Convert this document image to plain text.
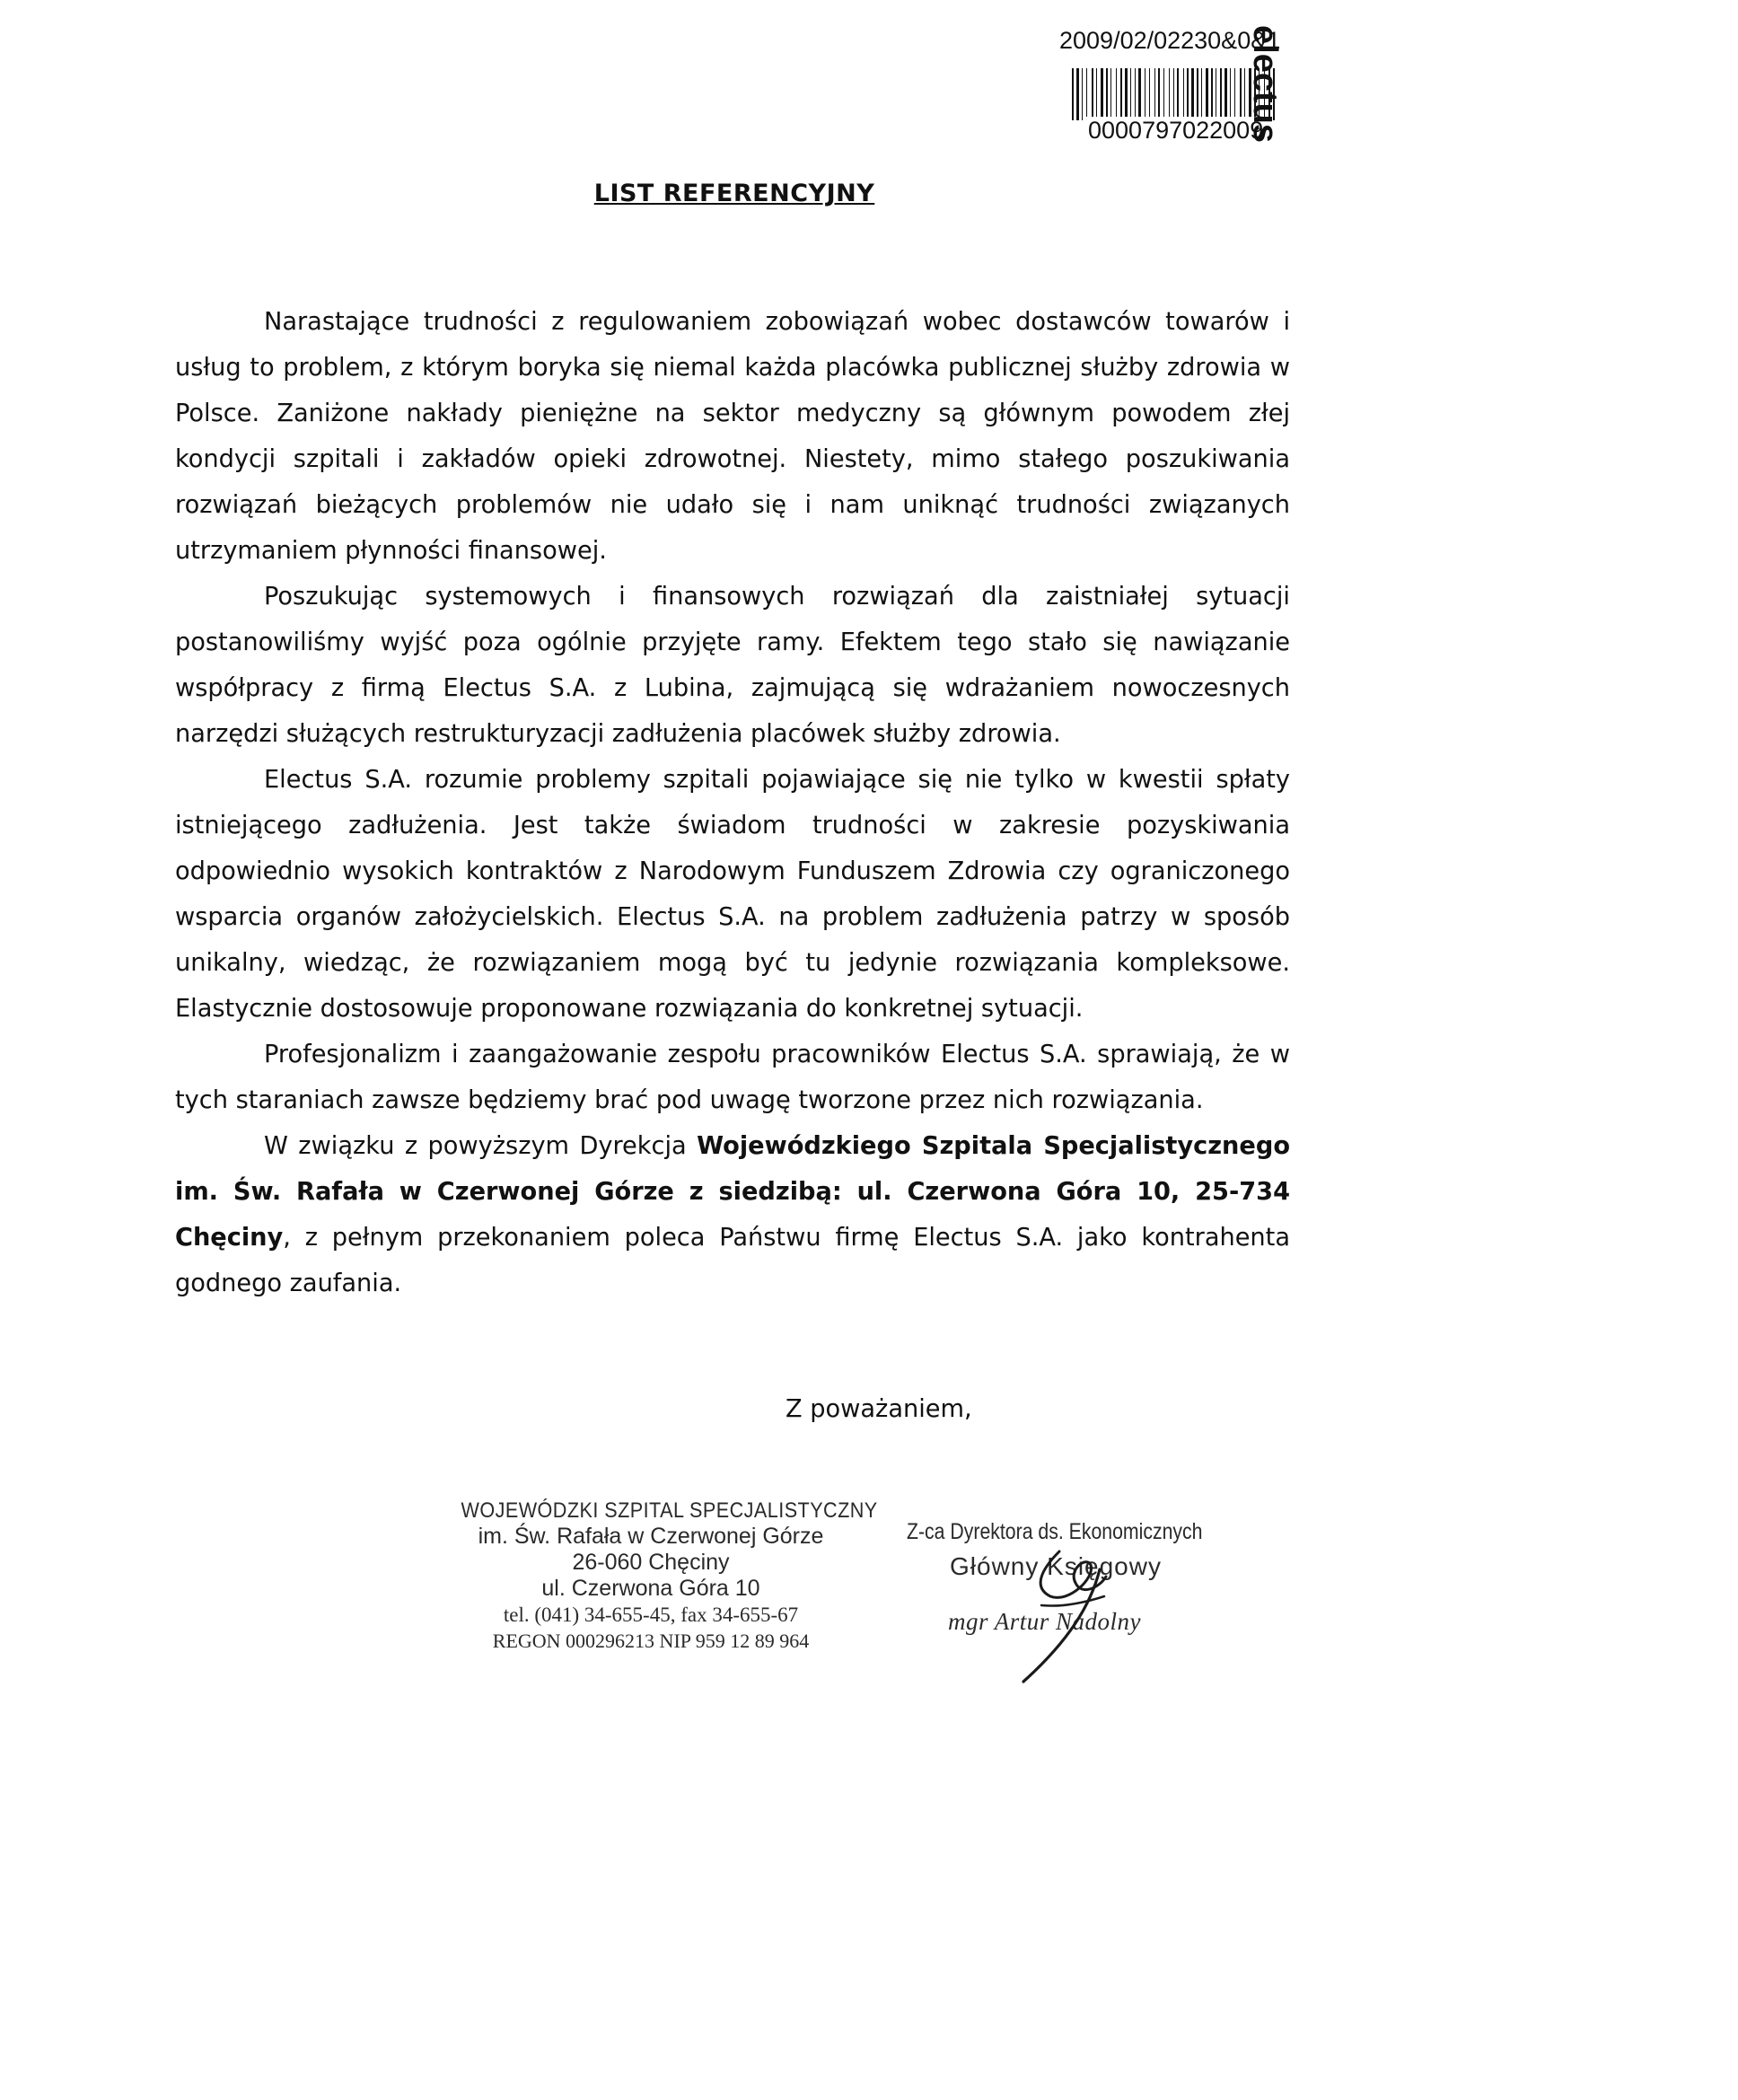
2009/02/02230&0&1
0000797022009
electus
LIST REFERENCYJNY

Narastające trudności z regulowaniem zobowiązań wobec dostawców towarów i usług to problem, z którym boryka się niemal każda placówka publicznej służby zdrowia w Polsce. Zaniżone nakłady pieniężne na sektor medyczny są głównym powodem złej kondycji szpitali i zakładów opieki zdrowotnej. Niestety, mimo stałego poszukiwania rozwiązań bieżących problemów nie udało się i nam uniknąć trudności związanych utrzymaniem płynności finansowej.

Poszukując systemowych i finansowych rozwiązań dla zaistniałej sytuacji postanowiliśmy wyjść poza ogólnie przyjęte ramy. Efektem tego stało się nawiązanie współpracy z firmą Electus S.A. z Lubina, zajmującą się wdrażaniem nowoczesnych narzędzi służących restrukturyzacji zadłużenia placówek służby zdrowia.

Electus S.A. rozumie problemy szpitali pojawiające się nie tylko w kwestii spłaty istniejącego zadłużenia. Jest także świadom trudności w zakresie pozyskiwania odpowiednio wysokich kontraktów z Narodowym Funduszem Zdrowia czy ograniczonego wsparcia organów założycielskich. Electus S.A. na problem zadłużenia patrzy w sposób unikalny, wiedząc, że rozwiązaniem mogą być tu jedynie rozwiązania kompleksowe. Elastycznie dostosowuje proponowane rozwiązania do konkretnej sytuacji.

Profesjonalizm i zaangażowanie zespołu pracowników Electus S.A. sprawiają, że w tych staraniach zawsze będziemy brać pod uwagę tworzone przez nich rozwiązania.

W związku z powyższym Dyrekcja Wojewódzkiego Szpitala Specjalistycznego im. Św. Rafała w Czerwonej Górze z siedzibą: ul. Czerwona Góra 10, 25-734 Chęciny, z pełnym przekonaniem poleca Państwu firmę Electus S.A. jako kontrahenta godnego zaufania.

Z poważaniem,
WOJEWÓDZKI SZPITAL SPECJALISTYCZNY
im. Św. Rafała w Czerwonej Górze
26-060 Chęciny
ul. Czerwona Góra 10
tel. (041) 34-655-45, fax 34-655-67
REGON 000296213 NIP 959 12 89 964
Z-ca Dyrektora ds. Ekonomicznych
Główny Księgowy
mgr Artur Nadolny
